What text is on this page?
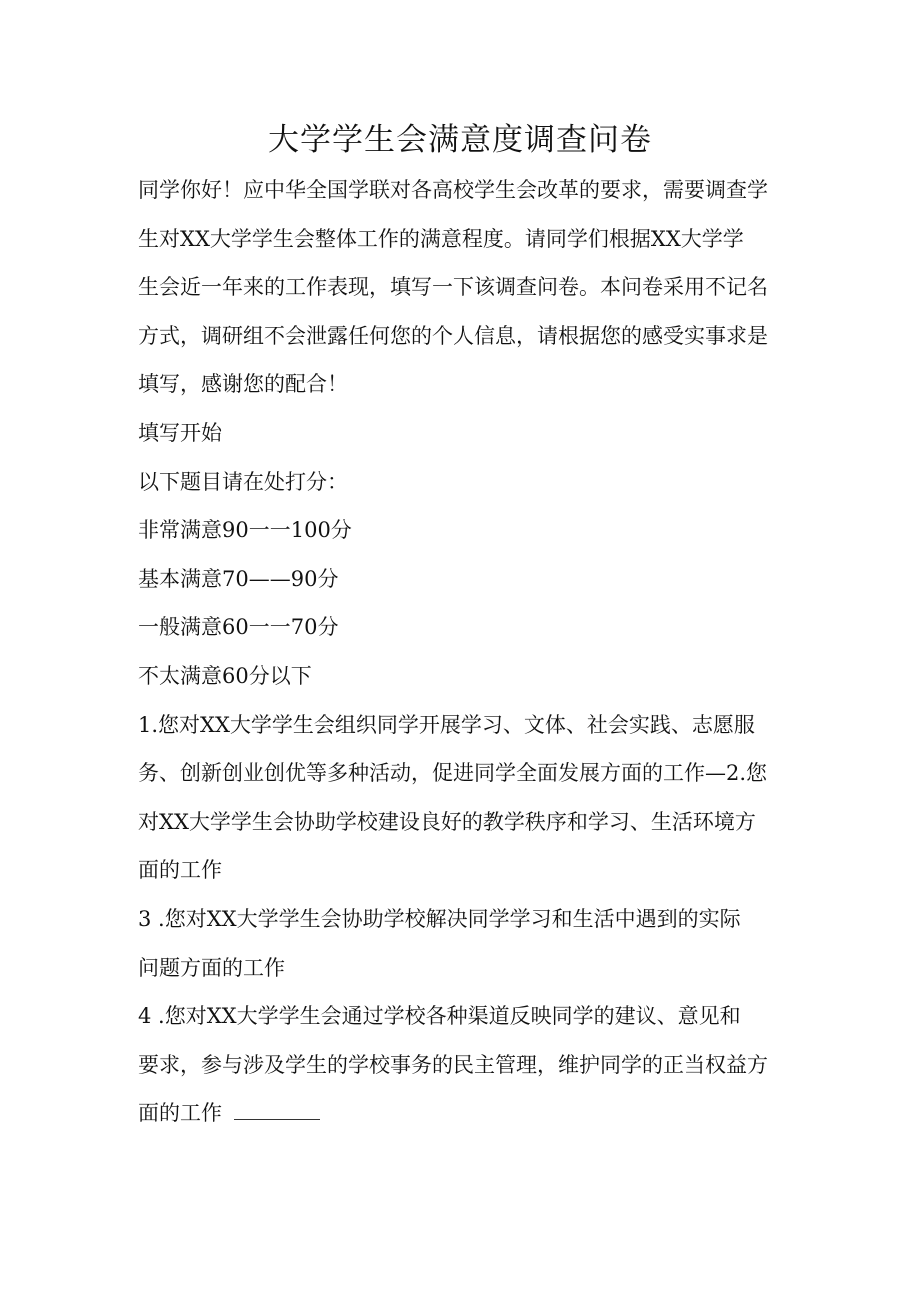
大学学生会满意度调查问卷
同学你好！应中华全国学联对各高校学生会改革的要求，需要调查学
生对XX大学学生会整体工作的满意程度。请同学们根据XX大学学
生会近一年来的工作表现，填写一下该调查问卷。本问卷采用不记名
方式，调研组不会泄露任何您的个人信息，请根据您的感受实事求是
填写，感谢您的配合！
填写开始
以下题目请在处打分：
非常满意90一一100分
基本满意70——90分
一般满意60一一70分
不太满意60分以下
1.您对XX大学学生会组织同学开展学习、文体、社会实践、志愿服
务、创新创业创优等多种活动，促进同学全面发展方面的工作—2.您
对XX大学学生会协助学校建设良好的教学秩序和学习、生活环境方
面的工作
3 .您对XX大学学生会协助学校解决同学学习和生活中遇到的实际
问题方面的工作
4 .您对XX大学学生会通过学校各种渠道反映同学的建议、意见和
要求，参与涉及学生的学校事务的民主管理，维护同学的正当权益方
面的工作
